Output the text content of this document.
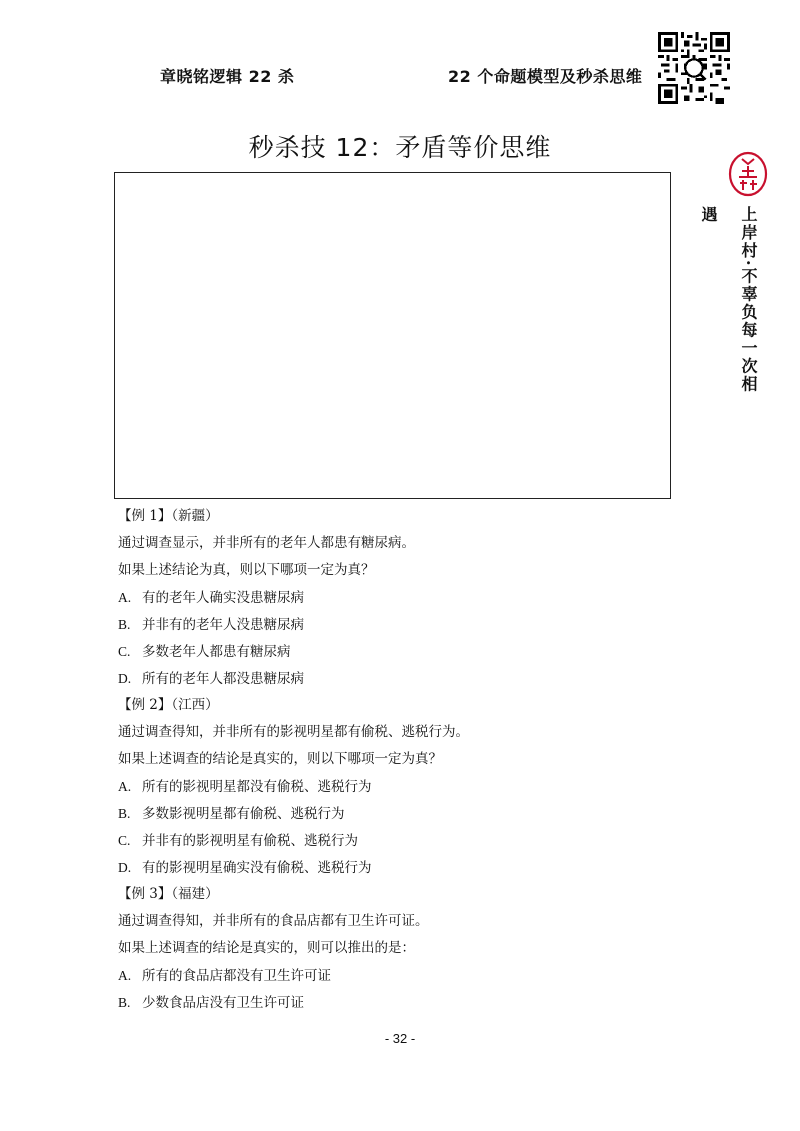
章晓铭逻辑 22 杀	22 个命题模型及秒杀思维
秒杀技 12：矛盾等价思维
上岸村·不辜负每一次相遇
【例 1】（新疆）
通过调查显示，并非所有的老年人都患有糖尿病。
如果上述结论为真，则以下哪项一定为真？
A. 有的老年人确实没患糖尿病
B. 并非有的老年人没患糖尿病
C. 多数老年人都患有糖尿病
D. 所有的老年人都没患糖尿病
【例 2】（江西）
通过调查得知，并非所有的影视明星都有偷税、逃税行为。
如果上述调查的结论是真实的，则以下哪项一定为真？
A. 所有的影视明星都没有偷税、逃税行为
B. 多数影视明星都有偷税、逃税行为
C. 并非有的影视明星有偷税、逃税行为
D. 有的影视明星确实没有偷税、逃税行为
【例 3】（福建）
通过调查得知，并非所有的食品店都有卫生许可证。
如果上述调查的结论是真实的，则可以推出的是：
A. 所有的食品店都没有卫生许可证
B. 少数食品店没有卫生许可证
- 32 -
